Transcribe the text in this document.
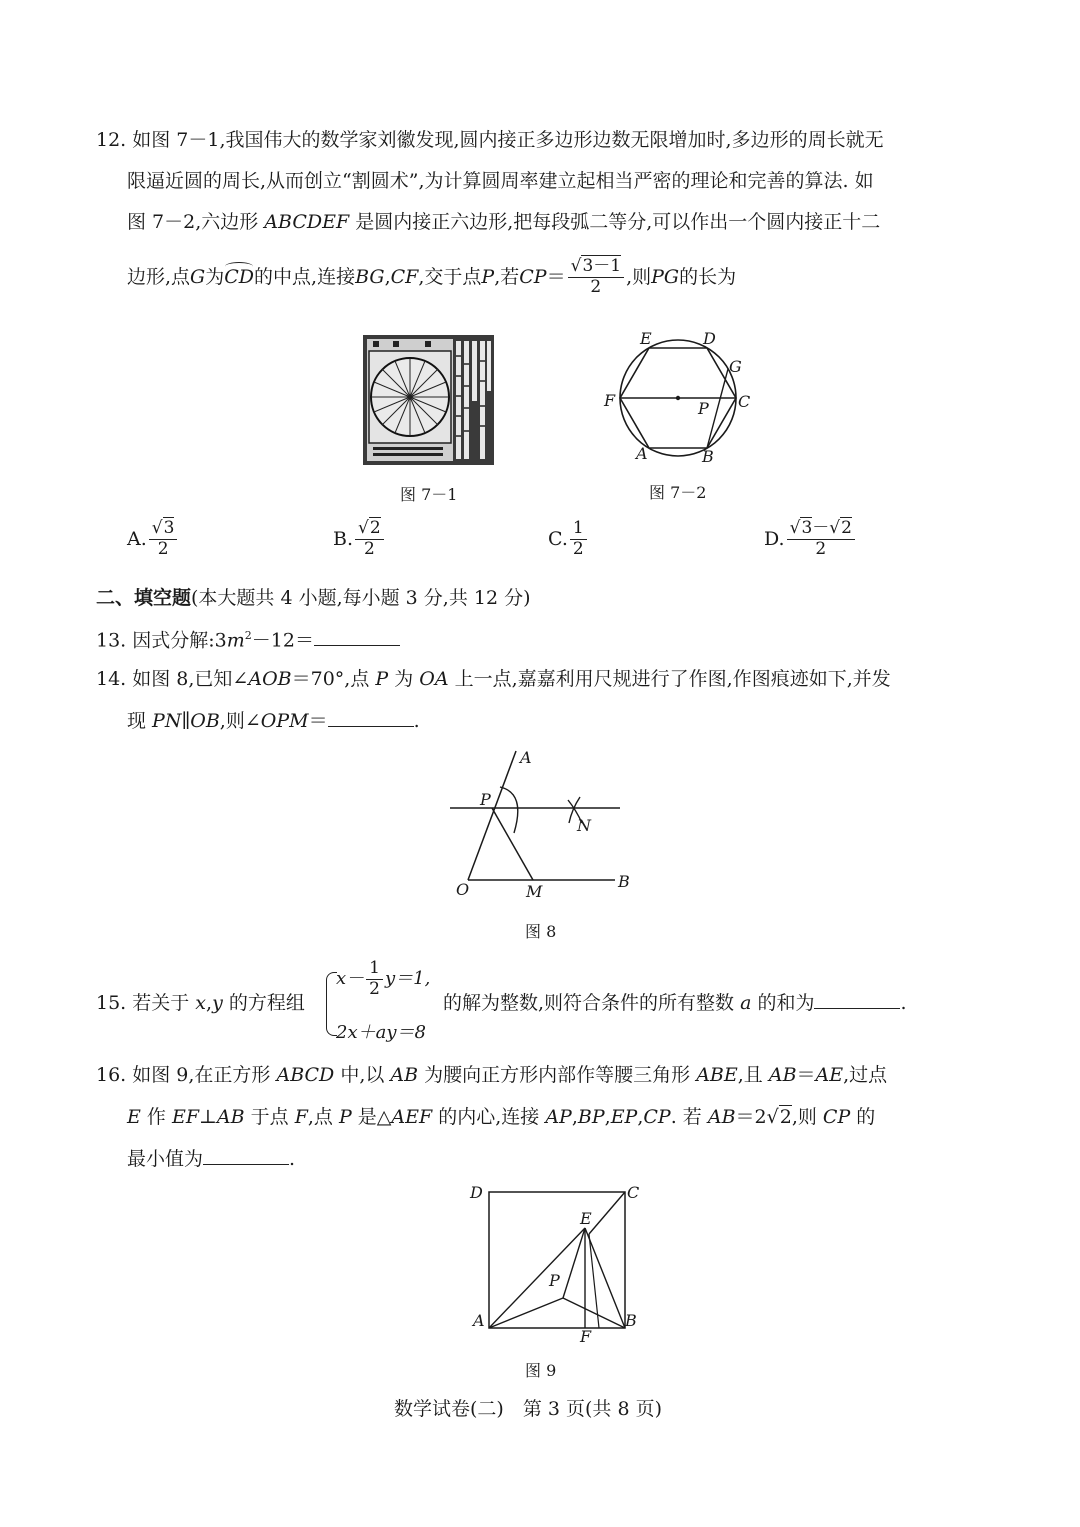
12. 如图 7－1,我国伟大的数学家刘徽发现,圆内接正多边形边数无限增加时,多边形的周长就无
限逼近圆的周长,从而创立“割圆术”,为计算圆周率建立起相当严密的理论和完善的算法. 如
图 7－2,六边形 ABCDEF 是圆内接正六边形,把每段弧二等分,可以作出一个圆内接正十二
边形,点 G 为 CD 的中点,连接 BG , CF ,交于点 P ,若 CP ＝ $\frac{√3-1}{2}$ ,则 PG 的长为
图 7－1
E	D
G
F	P C
A	B
图 7－2
A. $\frac{√3}{2}$	B. $\frac{√2}{2}$	C. $\frac{1}{2}$	D. $\frac{√3-√2}{2}$
二、填空题(本大题共 4 小题,每小题 3 分,共 12 分)
13. 因式分解$:3m^2-12=$
14. 如图 8,已知∠AOB＝70°,点 P 为 OA 上一点,嘉嘉利用尺规进行了作图,作图痕迹如下,并发
现 PN∥OB,则∠OPM＝	.
A
P
N
O	M
B
图 8
15. 若关于 x,y 的方程组
$x- \frac{1}{2} y=1$,
2x＋ay＝8
的解为整数,则符合条件的所有整数 a 的和为	.
16. 如图 9,在正方形 ABCD 中,以 AB 为腰向正方形内部作等腰三角形 ABE,且 AB＝AE,过点
E 作 EF⊥AB 于点 F,点 P 是△AEF 的内心,连接 AP,BP,EP,CP. 若 AB＝2√2,则 CP 的
最小值为	.
D	C
E
P
A	B
F
图 9
数学试卷(二)　第 3 页(共 8 页)
